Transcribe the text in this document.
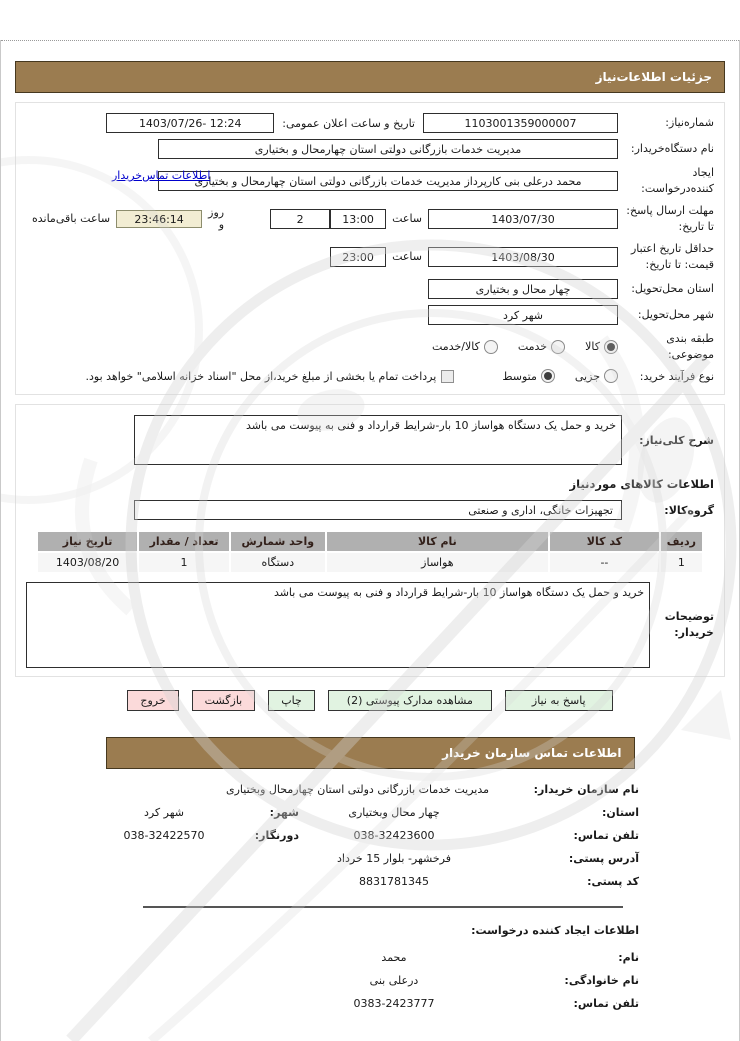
جزئیات اطلاعات‌نیاز
شماره‌نیاز:
1103001359000007
تاریخ و ساعت اعلان عمومی:
1403/07/26- 12:24
نام دستگاه‌خریدار:
مدیریت خدمات بازرگانی دولتی استان چهارمحال و بختیاری
ایجاد کننده‌درخواست:
محمد درعلی بنی کارپرداز مدیریت خدمات بازرگانی دولتی استان چهارمحال و بختیاری
اطلاعات تماس‌خریدار
مهلت ارسال پاسخ: تا تاریخ:
1403/07/30
ساعت
13:00
2
روز و
23:46:14
ساعت باقی‌مانده
حداقل تاریخ اعتبار قیمت: تا تاریخ:
1403/08/30
ساعت
23:00
استان محل‌تحویل:
چهار محال و بختیاری
شهر محل‌تحویل:
شهر کرد
طبقه بندی موضوعی:
کالا
خدمت
کالا/خدمت
نوع فرآیند خرید:
جزیی
متوسط
پرداخت تمام یا بخشی از مبلغ خرید،از محل "اسناد خزانه اسلامی" خواهد بود.
شرح کلی‌نیاز:
خرید و حمل یک دستگاه هواساز 10 بار-شرایط قرارداد و فنی به پیوست می باشد
اطلاعات کالاهای موردنیاز
گروه‌کالا:
تجهیزات خانگی، اداری و صنعتی
ردیف	کد کالا	نام کالا	واحد شمارش	تعداد / مقدار	تاریخ نیاز
1	--	هواساز	دستگاه	1	1403/08/20
توضیحات خریدار:
خرید و حمل یک دستگاه هواساز 10 بار-شرایط قرارداد و فنی به پیوست می باشد
پاسخ به نیاز
مشاهده مدارک پیوستی (2)
چاپ
بازگشت
خروج
اطلاعات تماس سازمان خریدار
نام سازمان خریدار:
مدیریت خدمات بازرگانی دولتی استان چهارمحال وبختیاری
استان:
چهار محال وبختیاری
شهر:
شهر کرد
تلفن تماس:
038-32423600
دورنگار:
038-32422570
آدرس پستی:
فرخشهر- بلوار 15 خرداد
کد پستی:
8831781345
اطلاعات ایجاد کننده درخواست:
نام:
محمد
نام خانوادگی:
درعلی بنی
تلفن تماس:
0383-2423777
